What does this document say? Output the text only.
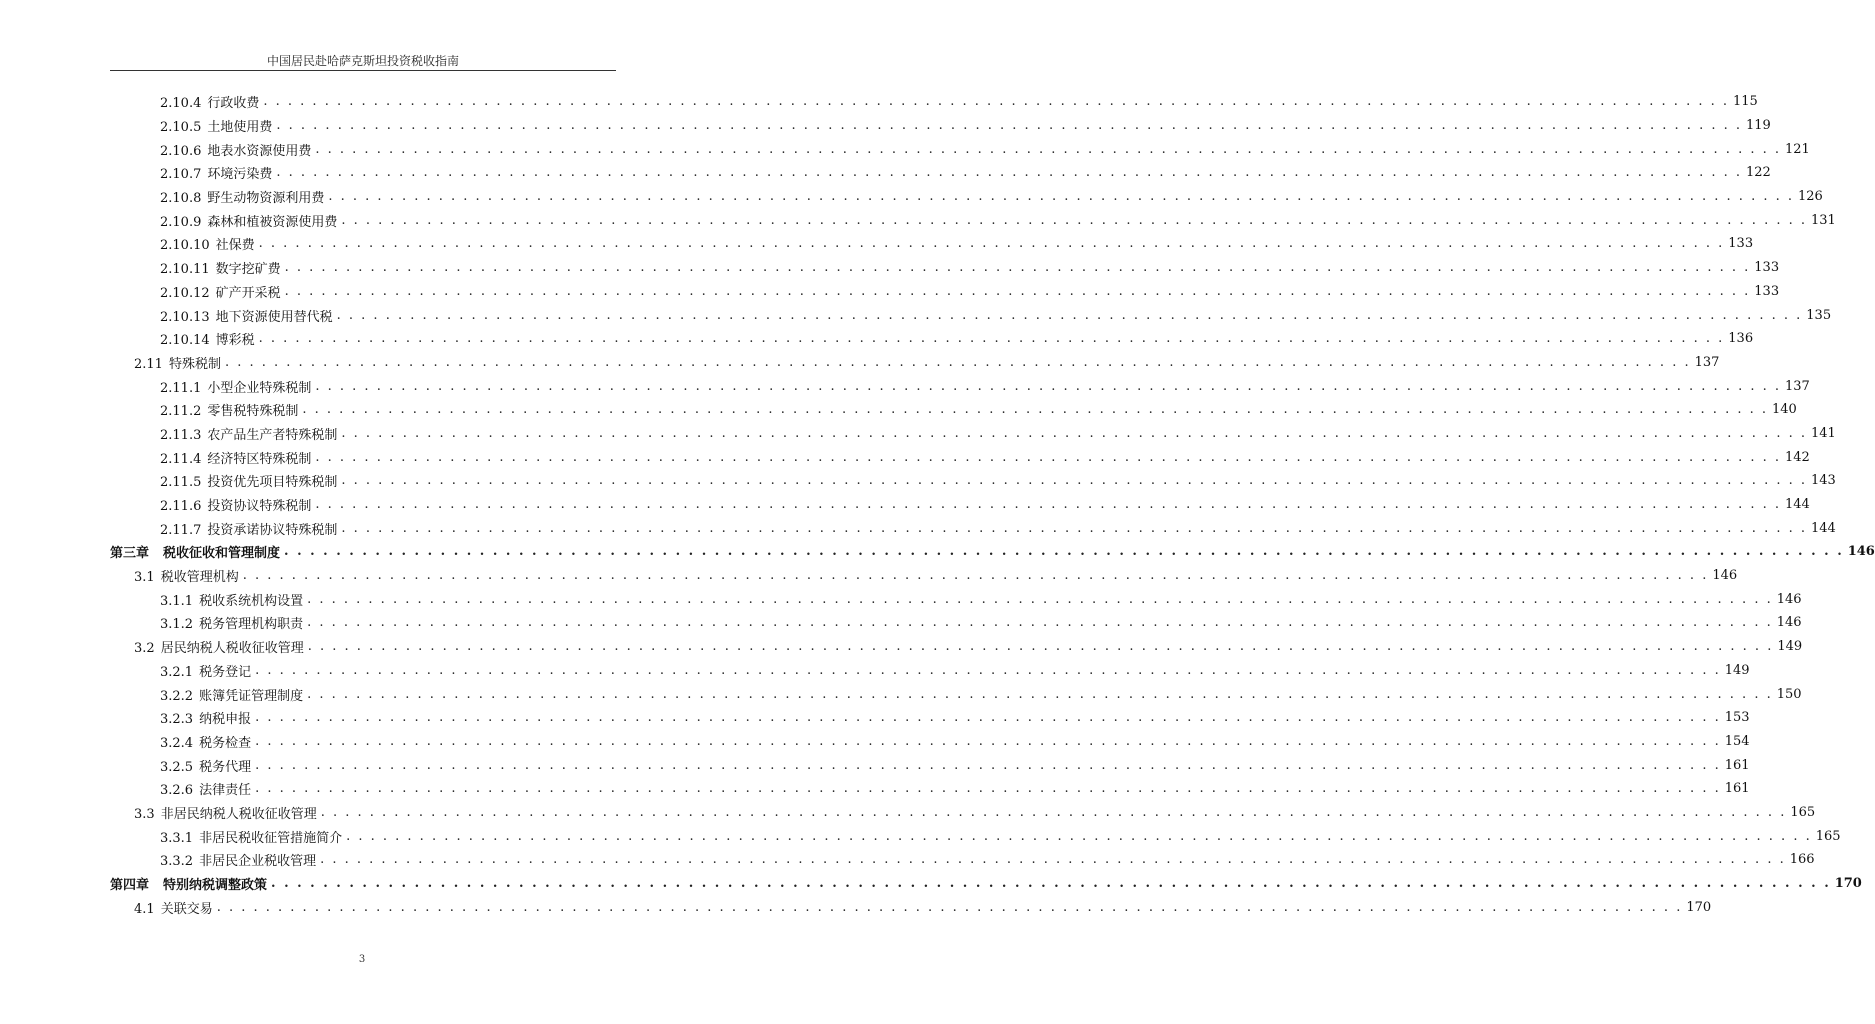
中国居民赴哈萨克斯坦投资税收指南
2.10.4 行政收费 . . . . . . . . . . . . . . . . . . . . . . . . . . . . . . . . . . . . . . . . . . . . . . . . . . . . . . . . . . . . . . . . . . . . . . . . . . . . . . . . . . . . . . . . . . . . . . . . . . . . . . . . . . . . . . . . . . . . . . . . 115
2.10.5 土地使用费 . . . . . . . . . . . . . . . . . . . . . . . . . . . . . . . . . . . . . . . . . . . . . . . . . . . . . . . . . . . . . . . . . . . . . . . . . . . . . . . . . . . . . . . . . . . . . . . . . . . . . . . . . . . . . . . . . . . . . . . . 119
2.10.6 地表水资源使用费 . . . . . . . . . . . . . . . . . . . . . . . . . . . . . . . . . . . . . . . . . . . . . . . . . . . . . . . . . . . . . . . . . . . . . . . . . . . . . . . . . . . . . . . . . . . . . . . . . . . . . . . . . . . . . . . . . . . . . . . . 121
2.10.7 环境污染费 . . . . . . . . . . . . . . . . . . . . . . . . . . . . . . . . . . . . . . . . . . . . . . . . . . . . . . . . . . . . . . . . . . . . . . . . . . . . . . . . . . . . . . . . . . . . . . . . . . . . . . . . . . . . . . . . . . . . . . . . 122
2.10.8 野生动物资源利用费 . . . . . . . . . . . . . . . . . . . . . . . . . . . . . . . . . . . . . . . . . . . . . . . . . . . . . . . . . . . . . . . . . . . . . . . . . . . . . . . . . . . . . . . . . . . . . . . . . . . . . . . . . . . . . . . . . . . . . . . . 126
2.10.9 森林和植被资源使用费 . . . . . . . . . . . . . . . . . . . . . . . . . . . . . . . . . . . . . . . . . . . . . . . . . . . . . . . . . . . . . . . . . . . . . . . . . . . . . . . . . . . . . . . . . . . . . . . . . . . . . . . . . . . . . . . . . . . . . . . . 131
2.10.10 社保费 . . . . . . . . . . . . . . . . . . . . . . . . . . . . . . . . . . . . . . . . . . . . . . . . . . . . . . . . . . . . . . . . . . . . . . . . . . . . . . . . . . . . . . . . . . . . . . . . . . . . . . . . . . . . . . . . . . . . . . . . 133
2.10.11 数字挖矿费 . . . . . . . . . . . . . . . . . . . . . . . . . . . . . . . . . . . . . . . . . . . . . . . . . . . . . . . . . . . . . . . . . . . . . . . . . . . . . . . . . . . . . . . . . . . . . . . . . . . . . . . . . . . . . . . . . . . . . . . . 133
2.10.12 矿产开采税 . . . . . . . . . . . . . . . . . . . . . . . . . . . . . . . . . . . . . . . . . . . . . . . . . . . . . . . . . . . . . . . . . . . . . . . . . . . . . . . . . . . . . . . . . . . . . . . . . . . . . . . . . . . . . . . . . . . . . . . . 133
2.10.13 地下资源使用替代税 . . . . . . . . . . . . . . . . . . . . . . . . . . . . . . . . . . . . . . . . . . . . . . . . . . . . . . . . . . . . . . . . . . . . . . . . . . . . . . . . . . . . . . . . . . . . . . . . . . . . . . . . . . . . . . . . . . . . . . . . 135
2.10.14 博彩税 . . . . . . . . . . . . . . . . . . . . . . . . . . . . . . . . . . . . . . . . . . . . . . . . . . . . . . . . . . . . . . . . . . . . . . . . . . . . . . . . . . . . . . . . . . . . . . . . . . . . . . . . . . . . . . . . . . . . . . . . 136
2.11 特殊税制 . . . . . . . . . . . . . . . . . . . . . . . . . . . . . . . . . . . . . . . . . . . . . . . . . . . . . . . . . . . . . . . . . . . . . . . . . . . . . . . . . . . . . . . . . . . . . . . . . . . . . . . . . . . . . . . . . . . . . . . . 137
2.11.1 小型企业特殊税制 . . . . . . . . . . . . . . . . . . . . . . . . . . . . . . . . . . . . . . . . . . . . . . . . . . . . . . . . . . . . . . . . . . . . . . . . . . . . . . . . . . . . . . . . . . . . . . . . . . . . . . . . . . . . . . . . . . . . . . . . 137
2.11.2 零售税特殊税制 . . . . . . . . . . . . . . . . . . . . . . . . . . . . . . . . . . . . . . . . . . . . . . . . . . . . . . . . . . . . . . . . . . . . . . . . . . . . . . . . . . . . . . . . . . . . . . . . . . . . . . . . . . . . . . . . . . . . . . . . 140
2.11.3 农产品生产者特殊税制 . . . . . . . . . . . . . . . . . . . . . . . . . . . . . . . . . . . . . . . . . . . . . . . . . . . . . . . . . . . . . . . . . . . . . . . . . . . . . . . . . . . . . . . . . . . . . . . . . . . . . . . . . . . . . . . . . . . . . . . . 141
2.11.4 经济特区特殊税制 . . . . . . . . . . . . . . . . . . . . . . . . . . . . . . . . . . . . . . . . . . . . . . . . . . . . . . . . . . . . . . . . . . . . . . . . . . . . . . . . . . . . . . . . . . . . . . . . . . . . . . . . . . . . . . . . . . . . . . . . 142
2.11.5 投资优先项目特殊税制 . . . . . . . . . . . . . . . . . . . . . . . . . . . . . . . . . . . . . . . . . . . . . . . . . . . . . . . . . . . . . . . . . . . . . . . . . . . . . . . . . . . . . . . . . . . . . . . . . . . . . . . . . . . . . . . . . . . . . . . . 143
2.11.6 投资协议特殊税制 . . . . . . . . . . . . . . . . . . . . . . . . . . . . . . . . . . . . . . . . . . . . . . . . . . . . . . . . . . . . . . . . . . . . . . . . . . . . . . . . . . . . . . . . . . . . . . . . . . . . . . . . . . . . . . . . . . . . . . . . 144
2.11.7 投资承诺协议特殊税制 . . . . . . . . . . . . . . . . . . . . . . . . . . . . . . . . . . . . . . . . . . . . . . . . . . . . . . . . . . . . . . . . . . . . . . . . . . . . . . . . . . . . . . . . . . . . . . . . . . . . . . . . . . . . . . . . . . . . . . . . 144
第三章 税收征收和管理制度 . . . . . . . . . . . . . . . . . . . . . . . . . . . . . . . . . . . . . . . . . . . . . . . . . . . . . . . . . . . . . . . . . . . . . . . . . . . . . . . . . . . . . . . . . . . . . . . . . . . . . . . . . . . . . . . . . . . . . . . . 146
3.1 税收管理机构 . . . . . . . . . . . . . . . . . . . . . . . . . . . . . . . . . . . . . . . . . . . . . . . . . . . . . . . . . . . . . . . . . . . . . . . . . . . . . . . . . . . . . . . . . . . . . . . . . . . . . . . . . . . . . . . . . . . . . . . . 146
3.1.1 税收系统机构设置 . . . . . . . . . . . . . . . . . . . . . . . . . . . . . . . . . . . . . . . . . . . . . . . . . . . . . . . . . . . . . . . . . . . . . . . . . . . . . . . . . . . . . . . . . . . . . . . . . . . . . . . . . . . . . . . . . . . . . . . . 146
3.1.2 税务管理机构职责 . . . . . . . . . . . . . . . . . . . . . . . . . . . . . . . . . . . . . . . . . . . . . . . . . . . . . . . . . . . . . . . . . . . . . . . . . . . . . . . . . . . . . . . . . . . . . . . . . . . . . . . . . . . . . . . . . . . . . . . . 146
3.2 居民纳税人税收征收管理 . . . . . . . . . . . . . . . . . . . . . . . . . . . . . . . . . . . . . . . . . . . . . . . . . . . . . . . . . . . . . . . . . . . . . . . . . . . . . . . . . . . . . . . . . . . . . . . . . . . . . . . . . . . . . . . . . . . . . . . . 149
3.2.1 税务登记 . . . . . . . . . . . . . . . . . . . . . . . . . . . . . . . . . . . . . . . . . . . . . . . . . . . . . . . . . . . . . . . . . . . . . . . . . . . . . . . . . . . . . . . . . . . . . . . . . . . . . . . . . . . . . . . . . . . . . . . . 149
3.2.2 账簿凭证管理制度 . . . . . . . . . . . . . . . . . . . . . . . . . . . . . . . . . . . . . . . . . . . . . . . . . . . . . . . . . . . . . . . . . . . . . . . . . . . . . . . . . . . . . . . . . . . . . . . . . . . . . . . . . . . . . . . . . . . . . . . . 150
3.2.3 纳税申报 . . . . . . . . . . . . . . . . . . . . . . . . . . . . . . . . . . . . . . . . . . . . . . . . . . . . . . . . . . . . . . . . . . . . . . . . . . . . . . . . . . . . . . . . . . . . . . . . . . . . . . . . . . . . . . . . . . . . . . . . 153
3.2.4 税务检查 . . . . . . . . . . . . . . . . . . . . . . . . . . . . . . . . . . . . . . . . . . . . . . . . . . . . . . . . . . . . . . . . . . . . . . . . . . . . . . . . . . . . . . . . . . . . . . . . . . . . . . . . . . . . . . . . . . . . . . . . 154
3.2.5 税务代理 . . . . . . . . . . . . . . . . . . . . . . . . . . . . . . . . . . . . . . . . . . . . . . . . . . . . . . . . . . . . . . . . . . . . . . . . . . . . . . . . . . . . . . . . . . . . . . . . . . . . . . . . . . . . . . . . . . . . . . . . 161
3.2.6 法律责任 . . . . . . . . . . . . . . . . . . . . . . . . . . . . . . . . . . . . . . . . . . . . . . . . . . . . . . . . . . . . . . . . . . . . . . . . . . . . . . . . . . . . . . . . . . . . . . . . . . . . . . . . . . . . . . . . . . . . . . . . 161
3.3 非居民纳税人税收征收管理 . . . . . . . . . . . . . . . . . . . . . . . . . . . . . . . . . . . . . . . . . . . . . . . . . . . . . . . . . . . . . . . . . . . . . . . . . . . . . . . . . . . . . . . . . . . . . . . . . . . . . . . . . . . . . . . . . . . . . . . . 165
3.3.1 非居民税收征管措施简介 . . . . . . . . . . . . . . . . . . . . . . . . . . . . . . . . . . . . . . . . . . . . . . . . . . . . . . . . . . . . . . . . . . . . . . . . . . . . . . . . . . . . . . . . . . . . . . . . . . . . . . . . . . . . . . . . . . . . . . . . 165
3.3.2 非居民企业税收管理 . . . . . . . . . . . . . . . . . . . . . . . . . . . . . . . . . . . . . . . . . . . . . . . . . . . . . . . . . . . . . . . . . . . . . . . . . . . . . . . . . . . . . . . . . . . . . . . . . . . . . . . . . . . . . . . . . . . . . . . . 166
第四章 特别纳税调整政策 . . . . . . . . . . . . . . . . . . . . . . . . . . . . . . . . . . . . . . . . . . . . . . . . . . . . . . . . . . . . . . . . . . . . . . . . . . . . . . . . . . . . . . . . . . . . . . . . . . . . . . . . . . . . . . . . . . . . . . . . 170
4.1 关联交易 . . . . . . . . . . . . . . . . . . . . . . . . . . . . . . . . . . . . . . . . . . . . . . . . . . . . . . . . . . . . . . . . . . . . . . . . . . . . . . . . . . . . . . . . . . . . . . . . . . . . . . . . . . . . . . . . . . . . . . . . 170
3
